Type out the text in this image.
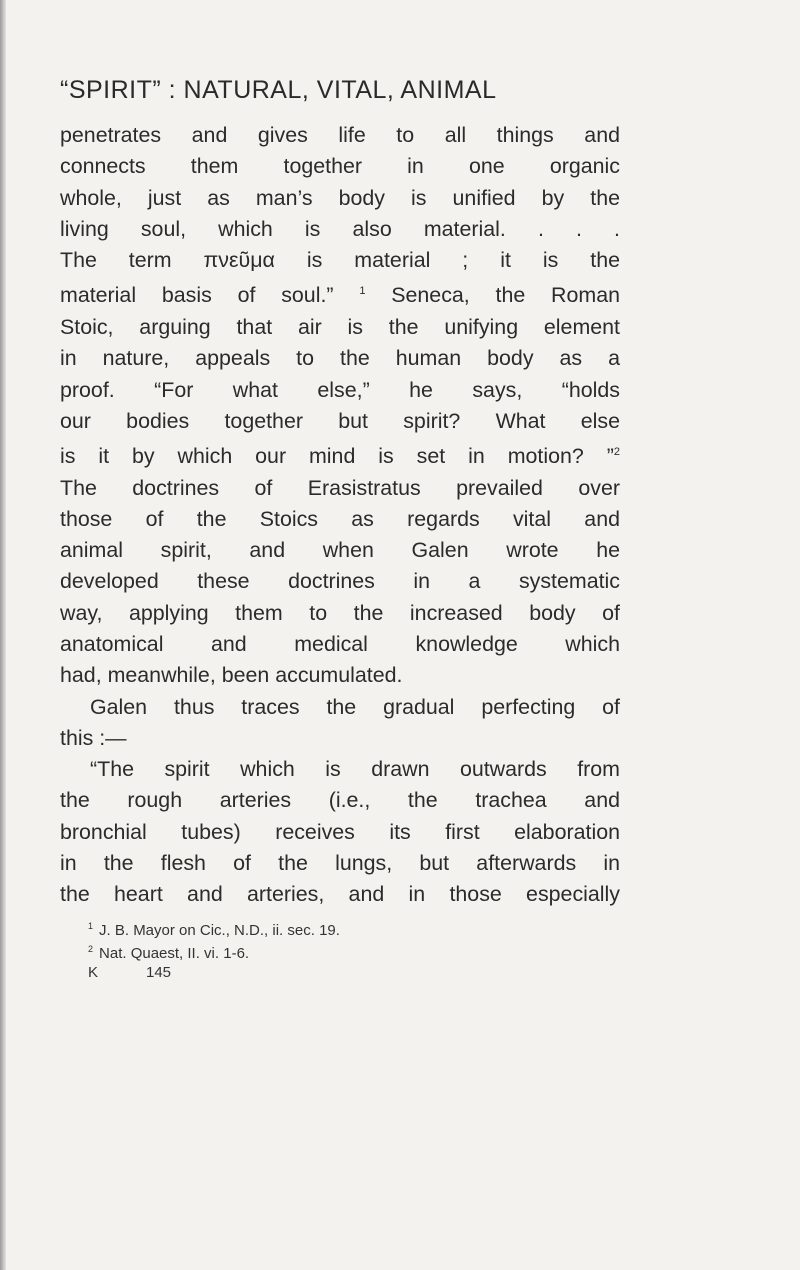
“SPIRIT” : NATURAL, VITAL, ANIMAL

penetrates and gives life to all things and
connects them together in one organic
whole, just as man’s body is unified by the
living soul, which is also material. . . .
The term πνεῦμα is material ; it is the
material basis of soul.” $^1$ Seneca, the Roman
Stoic, arguing that air is the unifying element
in nature, appeals to the human body as a
proof. “For what else,” he says, “holds
our bodies together but spirit? What else
is it by which our mind is set in motion? ”$^2$
The doctrines of Erasistratus prevailed over
those of the Stoics as regards vital and
animal spirit, and when Galen wrote he
developed these doctrines in a systematic
way, applying them to the increased body of
anatomical and medical knowledge which
had, meanwhile, been accumulated.

Galen thus traces the gradual perfecting of
this :—

“The spirit which is drawn outwards from
the rough arteries (i.e., the trachea and
bronchial tubes) receives its first elaboration
in the flesh of the lungs, but afterwards in
the heart and arteries, and in those especially

$^1$ J. B. Mayor on Cic., N.D., ii. sec. 19.
$^2$ Nat. Quaest, II. vi. 1-6.
K	145
